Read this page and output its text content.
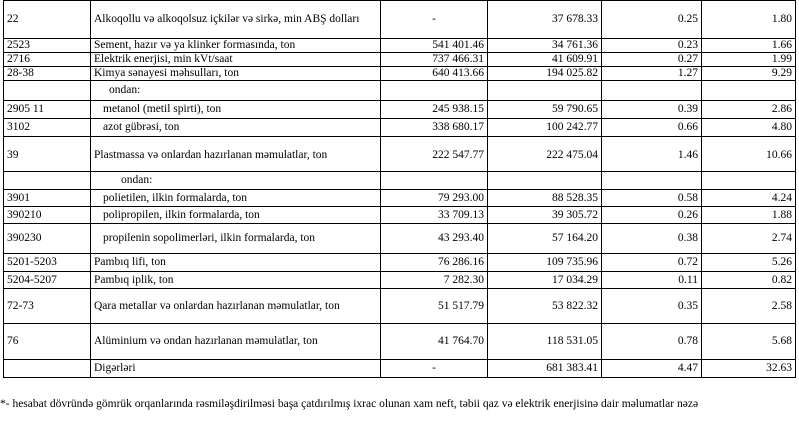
22	Alkoqollu və alkoqolsuz içkilər və sirkə, min ABŞ dolları	-	37 678.33	0.25	1.80
2523	Sement, hazır və ya klinker formasında, ton	541 401.46	34 761.36	0.23	1.66
2716	Elektrik enerjisi, min kVt/saat	737 466.31	41 609.91	0.27	1.99
28-38	Kimya sənayesi məhsulları, ton	640 413.66	194 025.82	1.27	9.29
	ondan:				
2905 11	metanol (metil spirti), ton	245 938.15	59 790.65	0.39	2.86
3102	azot gübrəsi, ton	338 680.17	100 242.77	0.66	4.80
39	Plastmassa və onlardan hazırlanan məmulatlar, ton	222 547.77	222 475.04	1.46	10.66
	ondan:				
3901	polietilen, ilkin formalarda, ton	79 293.00	88 528.35	0.58	4.24
390210	polipropilen, ilkin formalarda, ton	33 709.13	39 305.72	0.26	1.88
390230	propilenin sopolimerləri, ilkin formalarda, ton	43 293.40	57 164.20	0.38	2.74
5201-5203	Pambıq lifi, ton	76 286.16	109 735.96	0.72	5.26
5204-5207	Pambıq iplik, ton	7 282.30	17 034.29	0.11	0.82
72-73	Qara metallar və onlardan hazırlanan məmulatlar, ton	51 517.79	53 822.32	0.35	2.58
76	Alüminium və ondan hazırlanan məmulatlar, ton	41 764.70	118 531.05	0.78	5.68
	Digərləri	-	681 383.41	4.47	32.63
*- hesabat dövründə gömrük orqanlarında rəsmiləşdirilməsi başa çatdırılmış ixrac olunan xam neft, təbii qaz və elektrik enerjisinə dair məlumatlar nəzə
